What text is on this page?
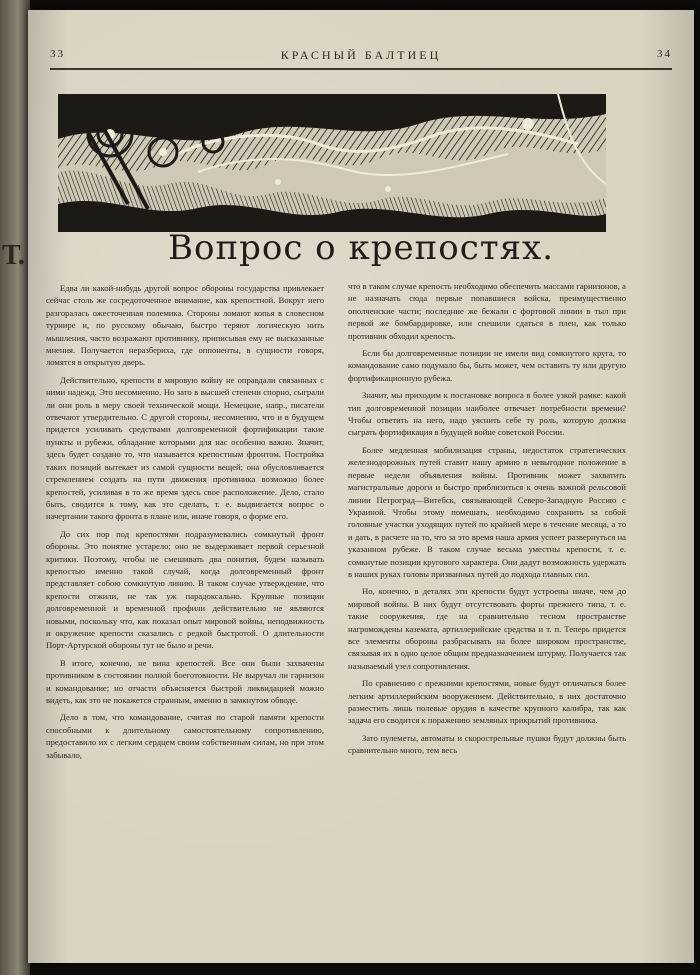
Т.
33	КРАСНЫЙ БАЛТИЕЦ	34
Вопрос о крепостях.

Едва ли какой-нибудь другой вопрос обороны государства привлекает сейчас столь же сосредоточенное внимание, как крепостной. Вокруг него разгоралась ожесточенная полемика. Стороны ломают копья в словесном турнире и, по русскому обычаю, быстро теряют логическую нить мышления, часто возражают противнику, приписывая ему не высказанные мнения. Получается неразбериха, где оппоненты, в сущности говоря, ломятся в открытую дверь.

Действительно, крепости в мировую войну не оправдали связанных с ними надежд. Это несомненно. Но зато в высшей степени спорно, сыграли ли они роль в меру своей технической мощи. Немецкие, напр., писатели отвечают утвердительно. С другой стороны, несомненно, что и в будущем придется усиливать средствами долговременной фортификации такие пункты и рубежи, обладание которыми для нас особенно важно. Значит, здесь будет создано то, что называется крепостным фронтом. Постройка таких позиций вытекает из самой сущности вещей; она обусловливается стремлением создать на пути движения противника возможно более крепостей, усиливая в то же время здесь свое расположение. Дело, стало быть, сводится к тому, как это сделать, т. е. выдвигается вопрос о начертании такого фронта в плане или, иначе говоря, о форме его.

До сих пор под крепостями подразумевались сомкнутый фронт обороны. Это понятие устарело; оно не выдерживает первой серьезной критики. Поэтому, чтобы не смешивать два понятия, будем называть крепостью именно такой случай, когда долговременный фронт представляет собою сомкнутую линию. В таком случае утверждение, что крепости отжили, не так уж парадоксально. Крупные позиции долговременной и временной профили действительно не являются новыми, поскольку что, как показал опыт мировой войны, неподвижность и окружение крепости сказались с редкой быстротой. О длительности Порт-Артурской обороны тут не было и речи.

В итоге, конечно, не вина крепостей. Все они были захвачены противником в состоянии полной боеготовности. Не выручал ли гарнизон и командование; но отчасти объясняется быстрой ликвидацией можно видеть, как это не покажется странным, именно в замкнутом обводе.

Дело в том, что командование, считая по старой памяти крепости способными к длительному самостоятельному сопротивлению, предоставило их с легким сердцем своим собственным силам, но при этом забывало,

что в таком случае крепость необходимо обеспечить массами гарнизонов, а не назначать сюда первые попавшиеся войска, преимущественно ополченские части; последние же бежали с фортовой линии в тыл при первой же бомбардировке, или спешили сдаться в плен, как только противник обходил крепость.

Если бы долговременные позиции не имели вид сомкнутого круга, то командование само подумало бы, быть может, чем оставить ту или другую фортификационную рубежа.

Значит, мы приходим к постановке вопроса в более узкой рамке: какой тип долговременной позиции наиболее отвечает потребности времени? Чтобы ответить на него, надо уяснить себе ту роль, которую должна сыграть фортификация в будущей войне советской России.

Более медленная мобилизация страны, недостаток стратегических железнодорожных путей ставит нашу армию в невыгодное положение в первые недели объявления войны. Противник может захватить магистральные дороги и быстро приблизиться к очень важной рельсовой линии Петроград—Витебск, связывающей Северо-Западную Россию с Украиной. Чтобы этому помешать, необходимо сохранить за собой головные участки уходящих путей по крайней мере в течение месяца, а то и дать, в расчете на то, что за это время наша армия успеет развернуться на указанном рубеже. В таком случае весьма уместны крепости, т. е. сомкнутые позиции кругового характера. Они дадут возможность удержать в наших руках головы призванных путей до подхода главных сил.

Но, конечно, в деталях эти крепости будут устроены иначе, чем до мировой войны. В них будут отсутствовать форты прежнего типа, т. е. такие сооружения, где на сравнительно тесном пространстве нагромождены каземата, артиллерийские средства и т. п. Теперь придется все элементы обороны разбрасывать на более широком пространстве, связывая их в одно целое общим предназначением штурму. Получается так называемый узел сопротивления.

По сравнению с прежними крепостями, новые будут отличаться более легким артиллерийским вооружением. Действительно, в них достаточно разместить лишь полевые орудия в качестве крупного калибра, так как задача его сводится к поражению земляных прикрытий противника.

Зато пулеметы, автоматы и скорострельные пушки будут должны быть сравнительно много, тем весь
